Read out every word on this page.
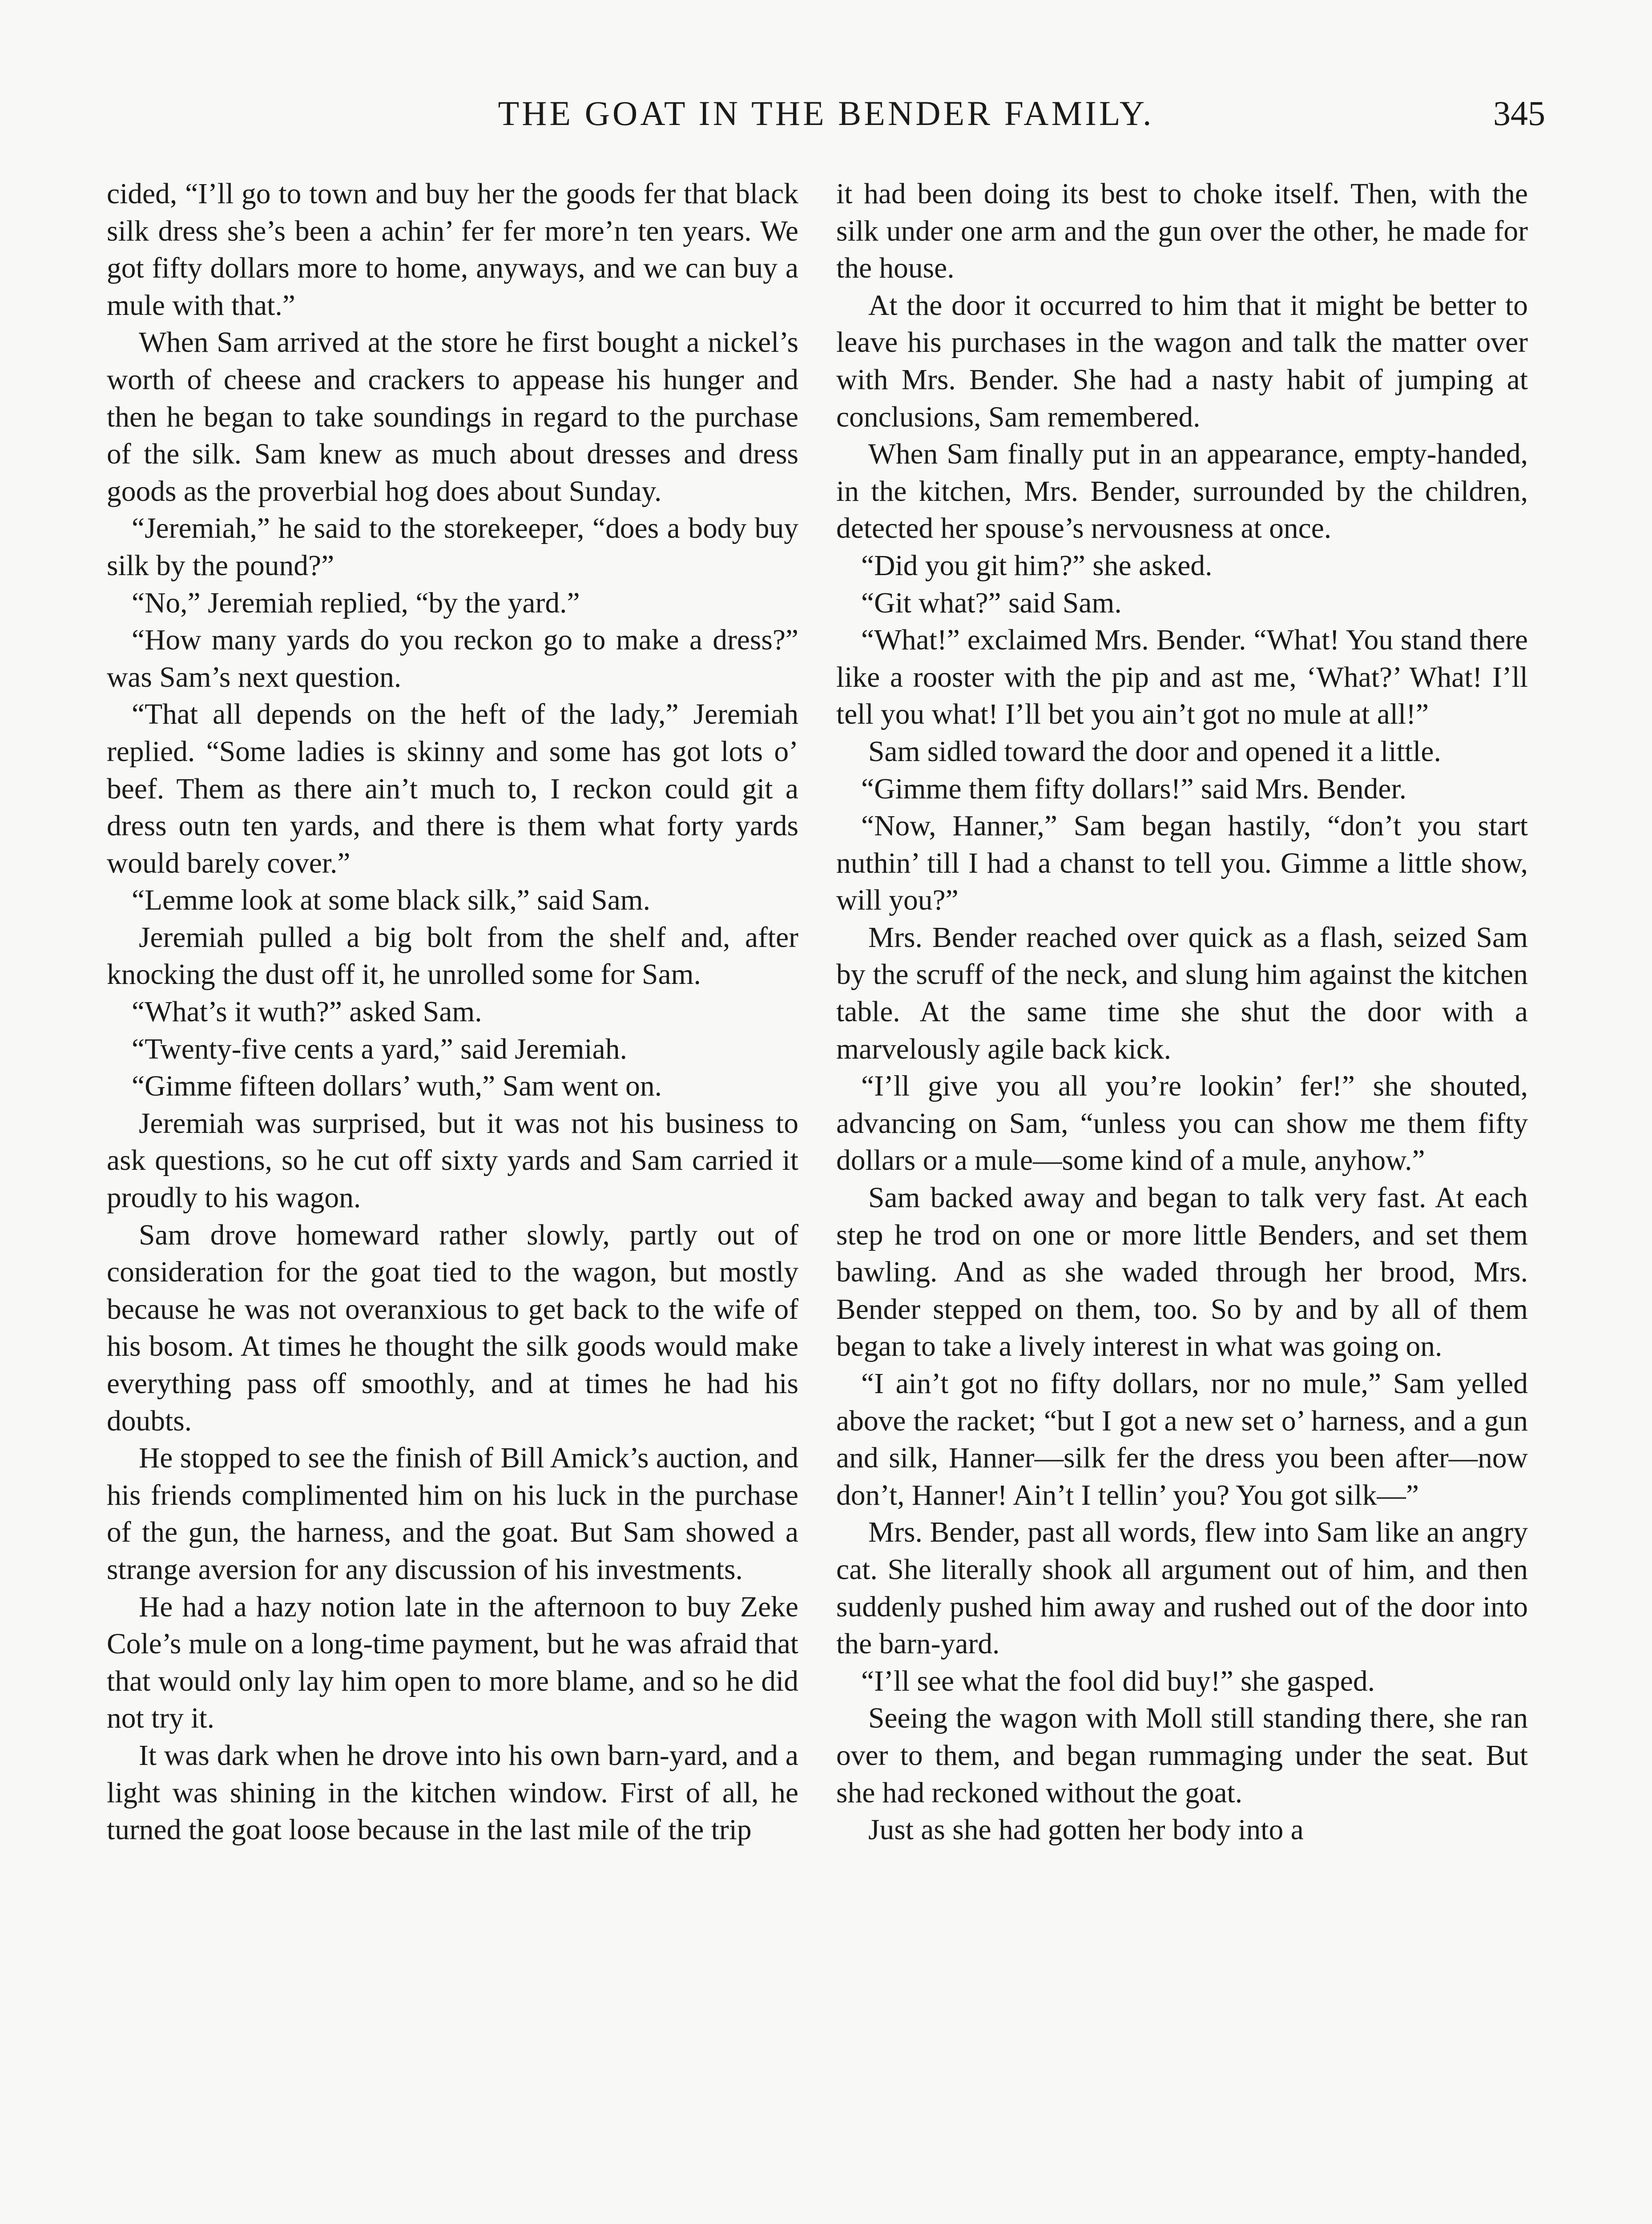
THE GOAT IN THE BENDER FAMILY.	345

cided, “I’ll go to town and buy her the goods fer that black silk dress she’s been a achin’ fer fer more’n ten years. We got fifty dollars more to home, anyways, and we can buy a mule with that.”

When Sam arrived at the store he first bought a nickel’s worth of cheese and crackers to appease his hunger and then he began to take soundings in regard to the purchase of the silk. Sam knew as much about dresses and dress goods as the proverbial hog does about Sunday.

“Jeremiah,” he said to the storekeeper, “does a body buy silk by the pound?”

“No,” Jeremiah replied, “by the yard.”

“How many yards do you reckon go to make a dress?” was Sam’s next question.

“That all depends on the heft of the lady,” Jeremiah replied. “Some ladies is skinny and some has got lots o’ beef. Them as there ain’t much to, I reckon could git a dress outn ten yards, and there is them what forty yards would barely cover.”

“Lemme look at some black silk,” said Sam.

Jeremiah pulled a big bolt from the shelf and, after knocking the dust off it, he unrolled some for Sam.

“What’s it wuth?” asked Sam.

“Twenty-five cents a yard,” said Jeremiah.

“Gimme fifteen dollars’ wuth,” Sam went on.

Jeremiah was surprised, but it was not his business to ask questions, so he cut off sixty yards and Sam carried it proudly to his wagon.

Sam drove homeward rather slowly, partly out of consideration for the goat tied to the wagon, but mostly because he was not overanxious to get back to the wife of his bosom. At times he thought the silk goods would make everything pass off smoothly, and at times he had his doubts.

He stopped to see the finish of Bill Amick’s auction, and his friends complimented him on his luck in the purchase of the gun, the harness, and the goat. But Sam showed a strange aversion for any discussion of his investments.

He had a hazy notion late in the afternoon to buy Zeke Cole’s mule on a long-time payment, but he was afraid that that would only lay him open to more blame, and so he did not try it.

It was dark when he drove into his own barn-yard, and a light was shining in the kitchen window. First of all, he turned the goat loose because in the last mile of the trip

it had been doing its best to choke itself. Then, with the silk under one arm and the gun over the other, he made for the house.

At the door it occurred to him that it might be better to leave his purchases in the wagon and talk the matter over with Mrs. Bender. She had a nasty habit of jumping at conclusions, Sam remembered.

When Sam finally put in an appearance, empty-handed, in the kitchen, Mrs. Bender, surrounded by the children, detected her spouse’s nervousness at once.

“Did you git him?” she asked.

“Git what?” said Sam.

“What!” exclaimed Mrs. Bender. “What! You stand there like a rooster with the pip and ast me, ‘What?’ What! I’ll tell you what! I’ll bet you ain’t got no mule at all!”

Sam sidled toward the door and opened it a little.

“Gimme them fifty dollars!” said Mrs. Bender.

“Now, Hanner,” Sam began hastily, “don’t you start nuthin’ till I had a chanst to tell you. Gimme a little show, will you?”

Mrs. Bender reached over quick as a flash, seized Sam by the scruff of the neck, and slung him against the kitchen table. At the same time she shut the door with a marvelously agile back kick.

“I’ll give you all you’re lookin’ fer!” she shouted, advancing on Sam, “unless you can show me them fifty dollars or a mule—some kind of a mule, anyhow.”

Sam backed away and began to talk very fast. At each step he trod on one or more little Benders, and set them bawling. And as she waded through her brood, Mrs. Bender stepped on them, too. So by and by all of them began to take a lively interest in what was going on.

“I ain’t got no fifty dollars, nor no mule,” Sam yelled above the racket; “but I got a new set o’ harness, and a gun and silk, Hanner—silk fer the dress you been after—now don’t, Hanner! Ain’t I tellin’ you? You got silk—”

Mrs. Bender, past all words, flew into Sam like an angry cat. She literally shook all argument out of him, and then suddenly pushed him away and rushed out of the door into the barn-yard.

“I’ll see what the fool did buy!” she gasped.

Seeing the wagon with Moll still standing there, she ran over to them, and began rummaging under the seat. But she had reckoned without the goat.

Just as she had gotten her body into a
